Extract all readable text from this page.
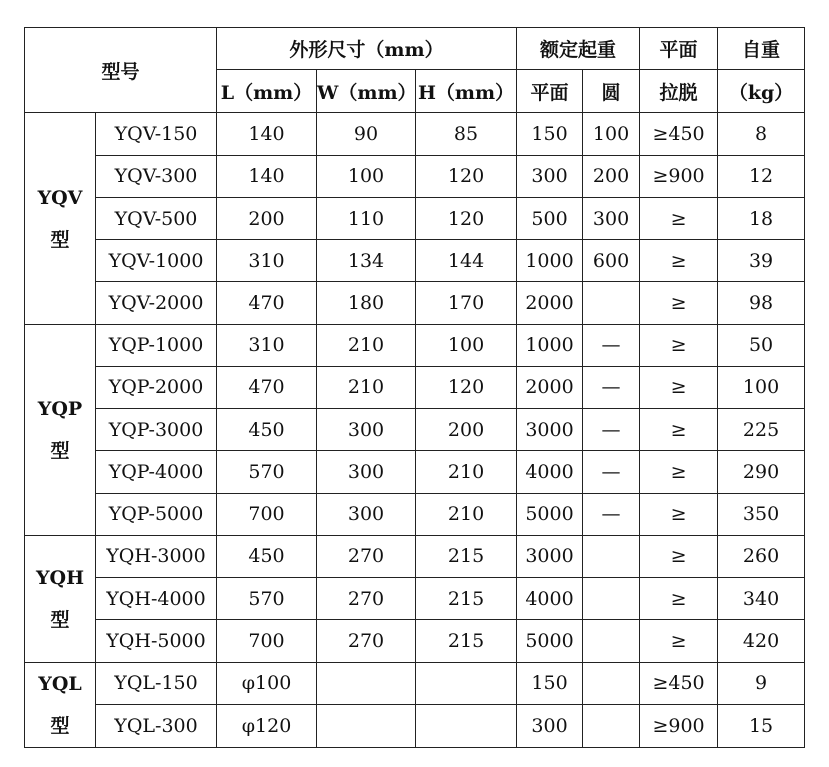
型号		外形尺寸（mm）			额定起重		平面	自重
		L（mm）	W（mm）	H（mm）	平面	圆	拉脱	（kg）
YQV
型	YQV-150	140	90	85	150	100	≥450	8
	YQV-300	140	100	120	300	200	≥900	12
	YQV-500	200	110	120	500	300	≥	18
	YQV-1000	310	134	144	1000	600	≥	39
	YQV-2000	470	180	170	2000		≥	98
YQP
型	YQP-1000	310	210	100	1000	—	≥	50
	YQP-2000	470	210	120	2000	—	≥	100
	YQP-3000	450	300	200	3000	—	≥	225
	YQP-4000	570	300	210	4000	—	≥	290
	YQP-5000	700	300	210	5000	—	≥	350
YQH
型	YQH-3000	450	270	215	3000		≥	260
	YQH-4000	570	270	215	4000		≥	340
	YQH-5000	700	270	215	5000		≥	420
YQL
型	YQL-150	φ100			150		≥450	9
	YQL-300	φ120			300		≥900	15
